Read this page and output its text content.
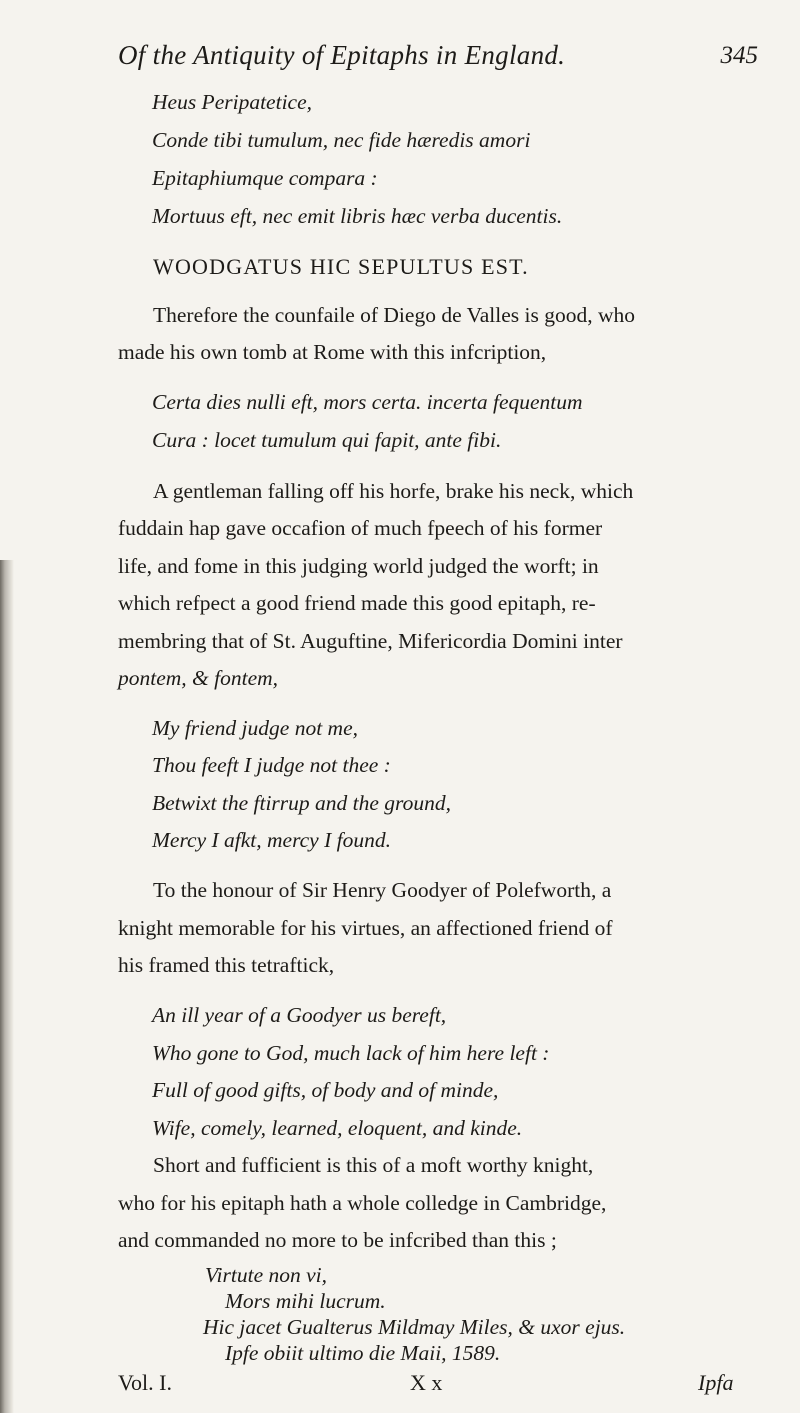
Of the Antiquity of Epitaphs in England.	345
Heus Peripatetice,
Conde tibi tumulum, nec fide hæredis amori
Epitaphiumque compara :
Mortuus eft, nec emit libris hæc verba ducentis.
WOODGATUS HIC SEPULTUS EST.
Therefore the counfaile of Diego de Valles is good, who
made his own tomb at Rome with this infcription,
Certa dies nulli eft, mors certa. incerta fequentum
Cura : locet tumulum qui fapit, ante fibi.
A gentleman falling off his horfe, brake his neck, which
fuddain hap gave occafion of much fpeech of his former
life, and fome in this judging world judged the worft; in
which refpect a good friend made this good epitaph, re-
membring that of St. Auguftine, Mifericordia Domini inter
pontem, & fontem,
My friend judge not me,
Thou feeft I judge not thee :
Betwixt the ftirrup and the ground,
Mercy I afkt, mercy I found.
To the honour of Sir Henry Goodyer of Polefworth, a
knight memorable for his virtues, an affectioned friend of
his framed this tetraftick,
An ill year of a Goodyer us bereft,
Who gone to God, much lack of him here left :
Full of good gifts, of body and of minde,
Wife, comely, learned, eloquent, and kinde.
Short and fufficient is this of a moft worthy knight,
who for his epitaph hath a whole colledge in Cambridge,
and commanded no more to be infcribed than this ;
Virtute non vi,
Mors mihi lucrum.
Hic jacet Gualterus Mildmay Miles, & uxor ejus.
Ipfe obiit ultimo die Maii, 1589.
Vol. I.	X x	Ipfa
